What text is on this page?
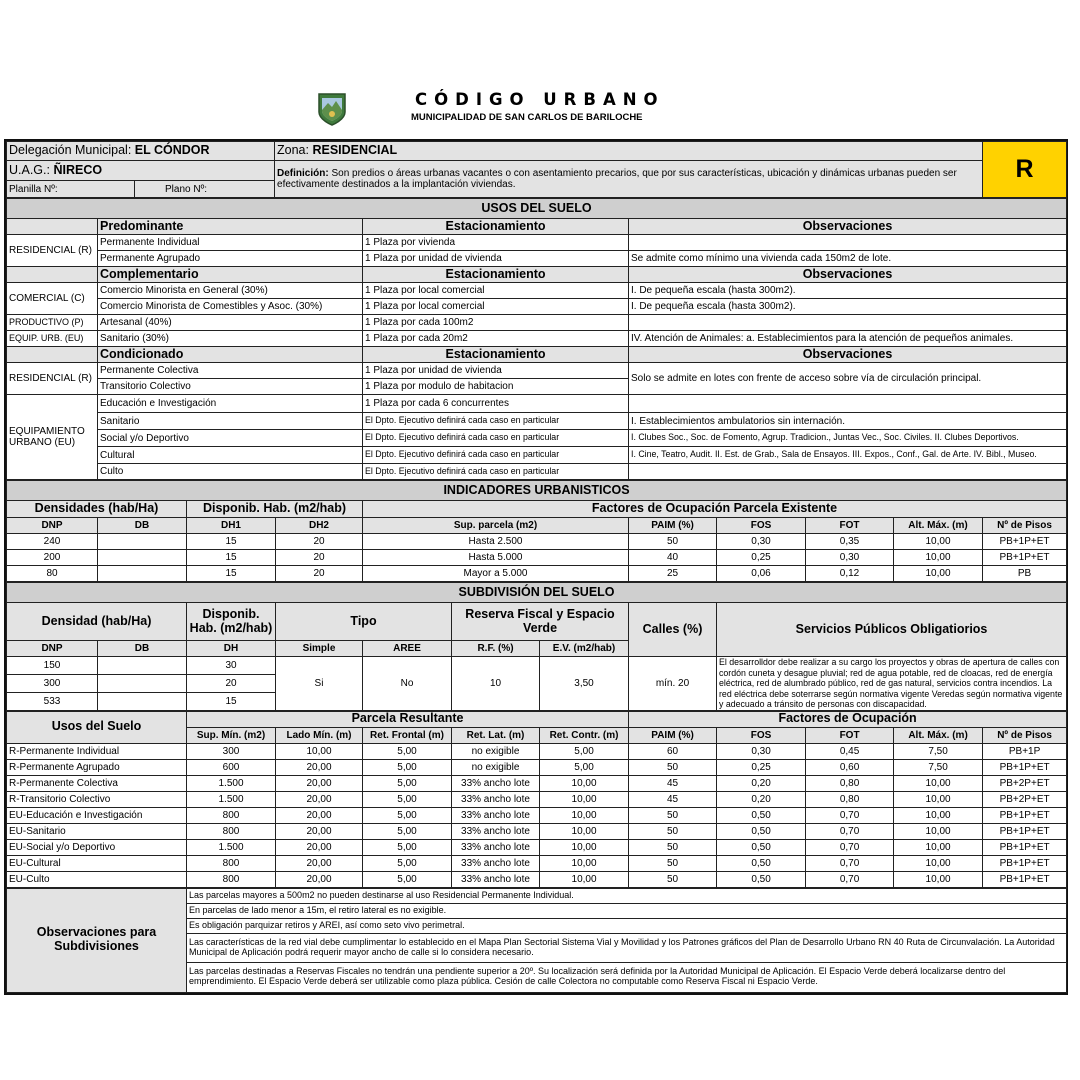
CÓDIGO URBANO
MUNICIPALIDAD DE SAN CARLOS DE BARILOCHE
Delegación Municipal: EL CÓNDOR		Zona: RESIDENCIAL	R
U.A.G.: ÑIRECO		Definición: Son predios o áreas urbanas vacantes o con asentamiento precarios, que por sus características, ubicación y dinámicas urbanas pueden ser efectivamente destinados a la implantación viviendas.	
Planilla Nº:	Plano Nº:		
USOS DEL SUELO			
	Predominante	Estacionamiento	Observaciones
RESIDENCIAL (R)	Permanente Individual	1 Plaza por vivienda	
	Permanente Agrupado	1 Plaza por unidad de vivienda	Se admite como mínimo una vivienda cada 150m2 de lote.
	Complementario	Estacionamiento	Observaciones
COMERCIAL (C)	Comercio Minorista en General (30%)	1 Plaza por local comercial	I. De pequeña escala (hasta 300m2).
	Comercio Minorista de Comestibles y Asoc. (30%)	1 Plaza por local comercial	I. De pequeña escala (hasta 300m2).
PRODUCTIVO (P)	Artesanal (40%)	1 Plaza por cada 100m2	
EQUIP. URB. (EU)	Sanitario (30%)	1 Plaza por cada 20m2	IV. Atención de Animales: a. Establecimientos para la atención de pequeños animales.
	Condicionado	Estacionamiento	Observaciones
RESIDENCIAL (R)	Permanente Colectiva	1 Plaza por unidad de vivienda	Solo se admite en lotes con frente de acceso sobre vía de circulación principal.
	Transitorio Colectivo	1 Plaza por modulo de habitacion	
EQUIPAMIENTO URBANO (EU)	Educación e Investigación	1 Plaza por cada 6 concurrentes	
	Sanitario	El Dpto. Ejecutivo definirá cada caso en particular	I. Establecimientos ambulatorios sin internación.
	Social y/o Deportivo	El Dpto. Ejecutivo definirá cada caso en particular	I. Clubes Soc., Soc. de Fomento, Agrup. Tradicion., Juntas Vec., Soc. Civiles. II. Clubes Deportivos.
	Cultural	El Dpto. Ejecutivo definirá cada caso en particular	I. Cine, Teatro, Audit. II. Est. de Grab., Sala de Ensayos. III. Expos., Conf., Gal. de Arte. IV. Bibl., Museo.
	Culto	El Dpto. Ejecutivo definirá cada caso en particular	
INDICADORES URBANISTICOS									
Densidades (hab/Ha)		Disponib. Hab. (m2/hab)		Factores de Ocupación Parcela Existente					
DNP	DB	DH1	DH2	Sup. parcela (m2)	PAIM (%)	FOS	FOT	Alt. Máx. (m)	Nº de Pisos
240		15	20	Hasta 2.500	50	0,30	0,35	10,00	PB+1P+ET
200		15	20	Hasta 5.000	40	0,25	0,30	10,00	PB+1P+ET
80		15	20	Mayor a 5.000	25	0,06	0,12	10,00	PB
SUBDIVISIÓN DEL SUELO								
Densidad (hab/Ha)		Disponib. Hab. (m2/hab)	Tipo		Reserva Fiscal y Espacio Verde		Calles (%)	Servicios Públicos Obligatiorios
DNP	DB	DH	Simple	AREE	R.F. (%)	E.V. (m2/hab)		
150		30	Si	No	10	3,50	mín. 20	El desarrolldor debe realizar a su cargo los proyectos y obras de apertura de calles con cordón cuneta y desague pluvial; red de agua potable, red de cloacas, red de energía eléctrica, red de alumbrado público, red de gas natural, servicios contra incendios. La red eléctrica debe soterrarse según normativa vigente Veredas según normativa vigente y adecuado a tránsito de personas con discapacidad.
300		20						
533		15						
Usos del Suelo	Parcela Resultante					Factores de Ocupación				
	Sup. Mín. (m2)	Lado Mín. (m)	Ret. Frontal (m)	Ret. Lat. (m)	Ret. Contr. (m)	PAIM (%)	FOS	FOT	Alt. Máx. (m)	Nº de Pisos
R-Permanente Individual	300	10,00	5,00	no exigible	5,00	60	0,30	0,45	7,50	PB+1P
R-Permanente Agrupado	600	20,00	5,00	no exigible	5,00	50	0,25	0,60	7,50	PB+1P+ET
R-Permanente Colectiva	1.500	20,00	5,00	33% ancho lote	10,00	45	0,20	0,80	10,00	PB+2P+ET
R-Transitorio Colectivo	1.500	20,00	5,00	33% ancho lote	10,00	45	0,20	0,80	10,00	PB+2P+ET
EU-Educación e Investigación	800	20,00	5,00	33% ancho lote	10,00	50	0,50	0,70	10,00	PB+1P+ET
EU-Sanitario	800	20,00	5,00	33% ancho lote	10,00	50	0,50	0,70	10,00	PB+1P+ET
EU-Social y/o Deportivo	1.500	20,00	5,00	33% ancho lote	10,00	50	0,50	0,70	10,00	PB+1P+ET
EU-Cultural	800	20,00	5,00	33% ancho lote	10,00	50	0,50	0,70	10,00	PB+1P+ET
EU-Culto	800	20,00	5,00	33% ancho lote	10,00	50	0,50	0,70	10,00	PB+1P+ET
Observaciones para Subdivisiones	Las parcelas mayores a 500m2 no pueden destinarse al uso Residencial Permanente Individual.
En parcelas de lado menor a 15m, el retiro lateral es no exigible.
Es obligación parquizar retiros y AREI, así como seto vivo perimetral.
Las características de la red vial debe cumplimentar lo establecido en el Mapa Plan Sectorial Sistema Vial y Movilidad y los Patrones gráficos del Plan de Desarrollo Urbano RN 40 Ruta de Circunvalación. La Autoridad Municipal de Aplicación podrá requerir mayor ancho de calle si lo considera necesario.
Las parcelas destinadas a Reservas Fiscales no tendrán una pendiente superior a 20º. Su localización será definida por la Autoridad Municipal de Aplicación. El Espacio Verde deberá localizarse dentro del emprendimiento. El Espacio Verde deberá ser utilizable como plaza pública. Cesión de calle Colectora no computable como Reserva Fiscal ni Espacio Verde.
